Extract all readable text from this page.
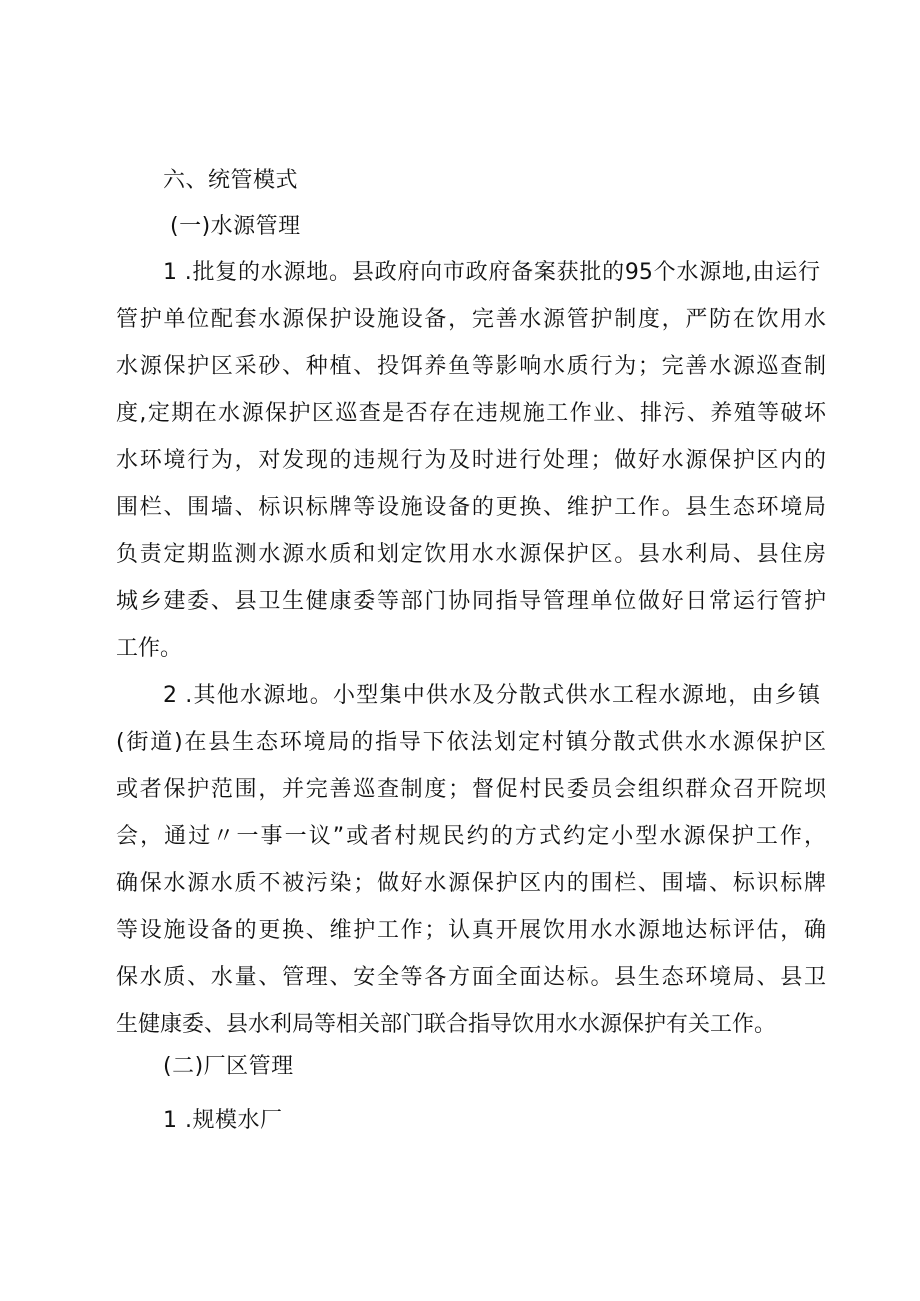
六、统管模式
(一)水源管理
1 .批复的水源地。县政府向市政府备案获批的95个水源地,由运行
管护单位配套水源保护设施设备，完善水源管护制度，严防在饮用水
水源保护区采砂、种植、投饵养鱼等影响水质行为；完善水源巡查制
度,定期在水源保护区巡查是否存在违规施工作业、排污、养殖等破坏
水环境行为，对发现的违规行为及时进行处理；做好水源保护区内的
围栏、围墙、标识标牌等设施设备的更换、维护工作。县生态环境局
负责定期监测水源水质和划定饮用水水源保护区。县水利局、县住房
城乡建委、县卫生健康委等部门协同指导管理单位做好日常运行管护
工作。
2 .其他水源地。小型集中供水及分散式供水工程水源地，由乡镇
(街道)在县生态环境局的指导下依法划定村镇分散式供水水源保护区
或者保护范围，并完善巡查制度；督促村民委员会组织群众召开院坝
会，通过〃一事一议”或者村规民约的方式约定小型水源保护工作，
确保水源水质不被污染；做好水源保护区内的围栏、围墙、标识标牌
等设施设备的更换、维护工作；认真开展饮用水水源地达标评估，确
保水质、水量、管理、安全等各方面全面达标。县生态环境局、县卫
生健康委、县水利局等相关部门联合指导饮用水水源保护有关工作。
(二)厂区管理
1 .规模水厂
